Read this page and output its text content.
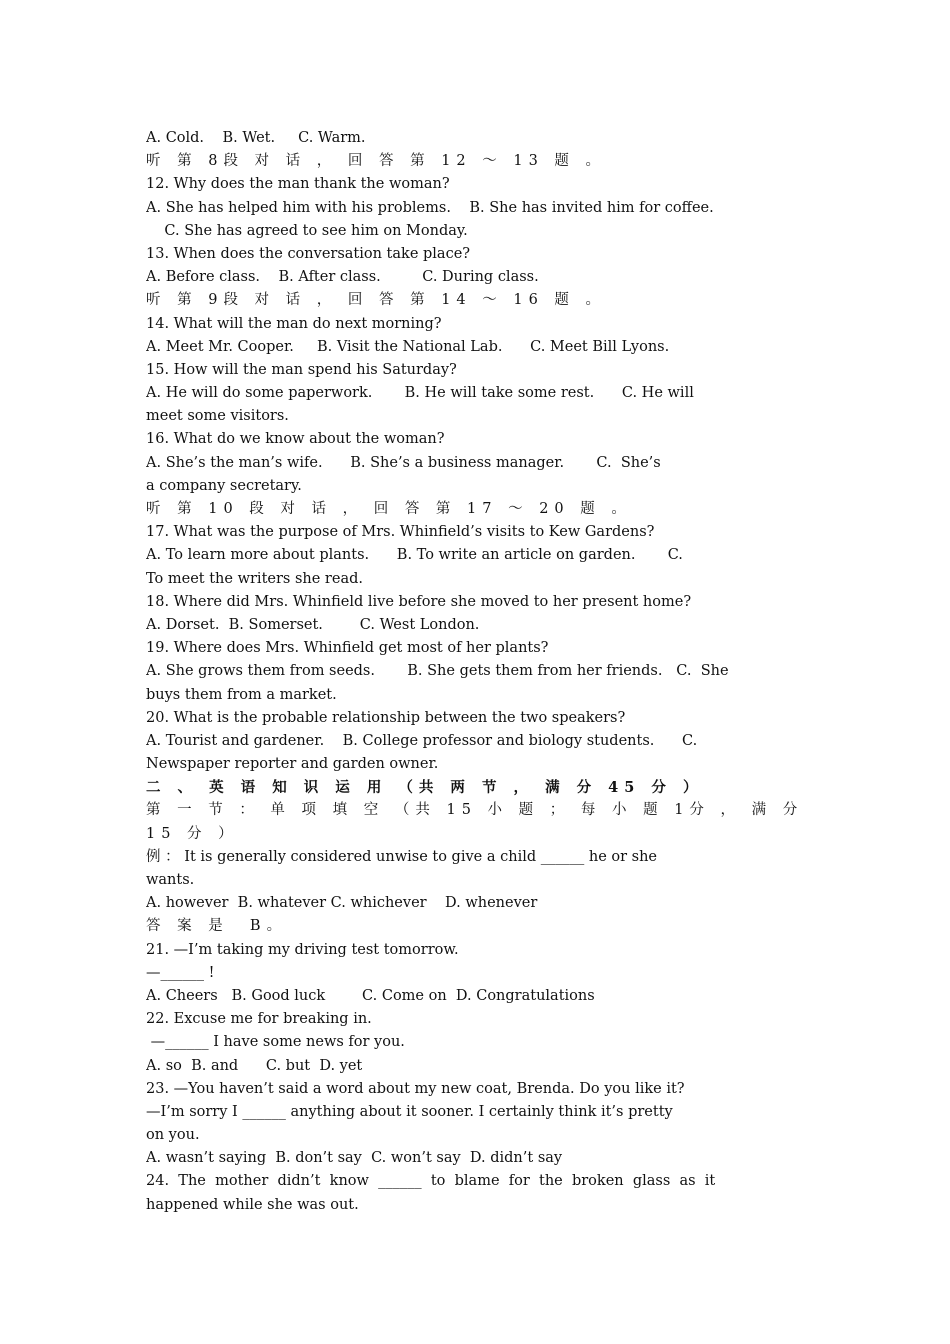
A. Cold.    B. Wet.     C. Warm.
听 第 8段 对 话 ， 回 答 第 12 ～ 13 题 。
12. Why does the man thank the woman?
A. She has helped him with his problems.    B. She has invited him for coffee.
C. She has agreed to see him on Monday.
13. When does the conversation take place?
A. Before class.    B. After class.         C. During class.
听 第 9段 对 话 ， 回 答 第 14 ～ 16 题 。
14. What will the man do next morning?
A. Meet Mr. Cooper.     B. Visit the National Lab.      C. Meet Bill Lyons.
15. How will the man spend his Saturday?
A. He will do some paperwork.       B. He will take some rest.      C. He will
meet some visitors.
16. What do we know about the woman?
A. She’s the man’s wife.      B. She’s a business manager.       C.  She’s
a company secretary.
听 第 10 段 对 话 ， 回 答 第 17 ～ 20 题 。
17. What was the purpose of Mrs. Whinfield’s visits to Kew Gardens?
A. To learn more about plants.      B. To write an article on garden.       C.
To meet the writers she read.
18. Where did Mrs. Whinfield live before she moved to her present home?
A. Dorset.  B. Somerset.        C. West London.
19. Where does Mrs. Whinfield get most of her plants?
A. She grows them from seeds.       B. She gets them from her friends.   C.  She
buys them from a market.
20. What is the probable relationship between the two speakers?
A. Tourist and gardener.    B. College professor and biology students.      C.
Newspaper reporter and garden owner.
二 、 英 语 知 识 运 用 （共 两 节 ， 满 分 45 分 ）
第 一 节 ： 单 项 填 空 （共 15 小 题 ； 每 小 题 1分 ， 满 分
15 分 ）
例 ： It is generally considered unwise to give a child ______ he or she
wants.
A. however  B. whatever C. whichever    D. whenever
答 案 是  B。
21. —I’m taking my driving test tomorrow.
—______ !
A. Cheers   B. Good luck        C. Come on  D. Congratulations
22. Excuse me for breaking in.
—______ I have some news for you.
A. so  B. and      C. but  D. yet
23. —You haven’t said a word about my new coat, Brenda. Do you like it?
—I’m sorry I ______ anything about it sooner. I certainly think it’s pretty
on you.
A. wasn’t saying  B. don’t say  C. won’t say  D. didn’t say
24.  The  mother  didn’t  know  ______  to  blame  for  the  broken  glass  as  it
happened while she was out.
